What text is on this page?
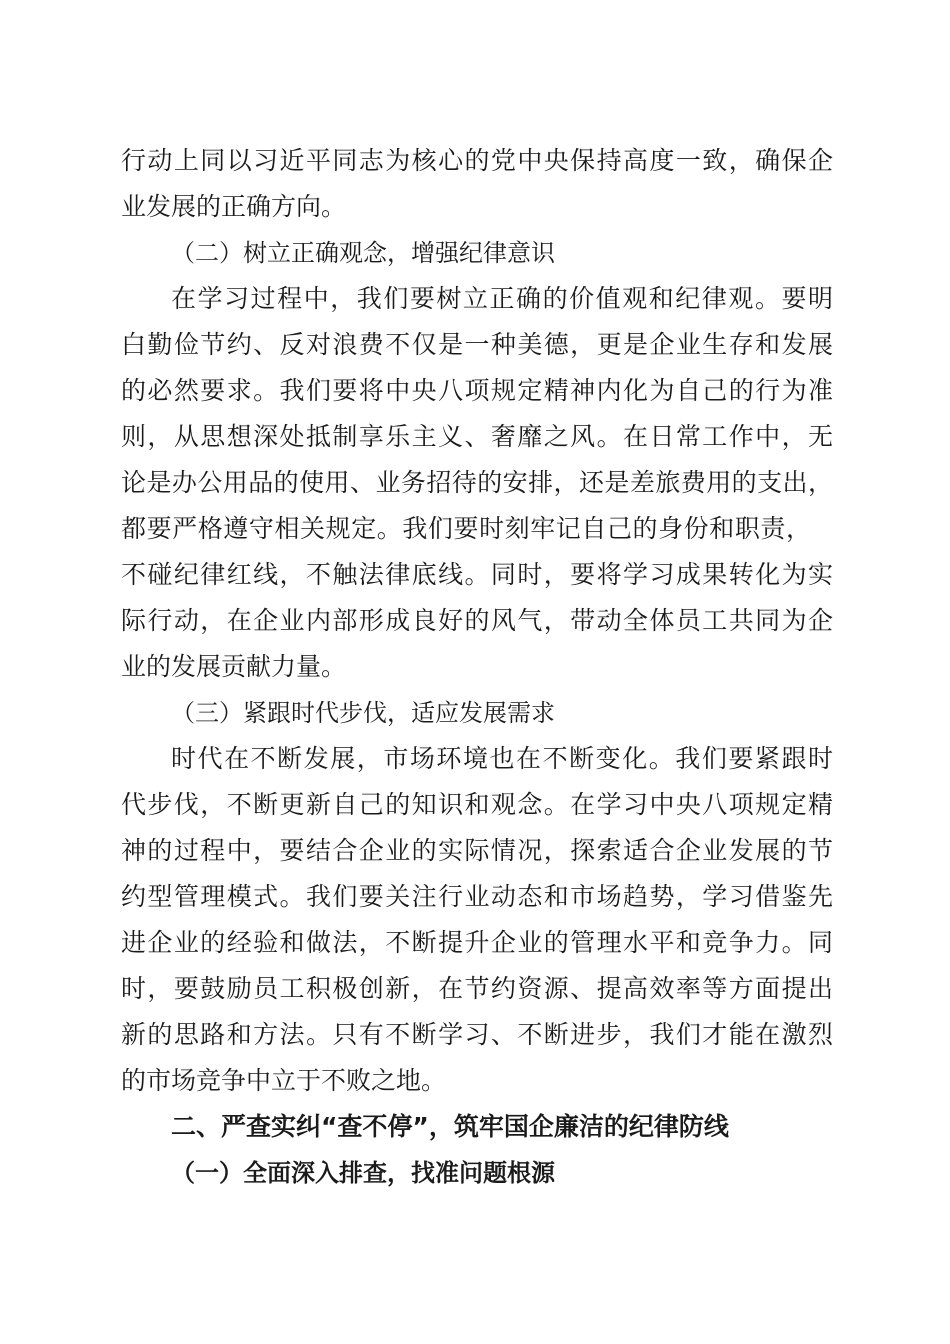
行动上同以习近平同志为核心的党中央保持高度一致，确保企

业发展的正确方向。

（二）树立正确观念，增强纪律意识

在学习过程中，我们要树立正确的价值观和纪律观。要明

白勤俭节约、反对浪费不仅是一种美德，更是企业生存和发展

的必然要求。我们要将中央八项规定精神内化为自己的行为准

则，从思想深处抵制享乐主义、奢靡之风。在日常工作中，无

论是办公用品的使用、业务招待的安排，还是差旅费用的支出，

都要严格遵守相关规定。我们要时刻牢记自己的身份和职责，

不碰纪律红线，不触法律底线。同时，要将学习成果转化为实

际行动，在企业内部形成良好的风气，带动全体员工共同为企

业的发展贡献力量。

（三）紧跟时代步伐，适应发展需求

时代在不断发展，市场环境也在不断变化。我们要紧跟时

代步伐，不断更新自己的知识和观念。在学习中央八项规定精

神的过程中，要结合企业的实际情况，探索适合企业发展的节

约型管理模式。我们要关注行业动态和市场趋势，学习借鉴先

进企业的经验和做法，不断提升企业的管理水平和竞争力。同

时，要鼓励员工积极创新，在节约资源、提高效率等方面提出

新的思路和方法。只有不断学习、不断进步，我们才能在激烈

的市场竞争中立于不败之地。

二、严查实纠“查不停”，筑牢国企廉洁的纪律防线

（一）全面深入排查，找准问题根源
